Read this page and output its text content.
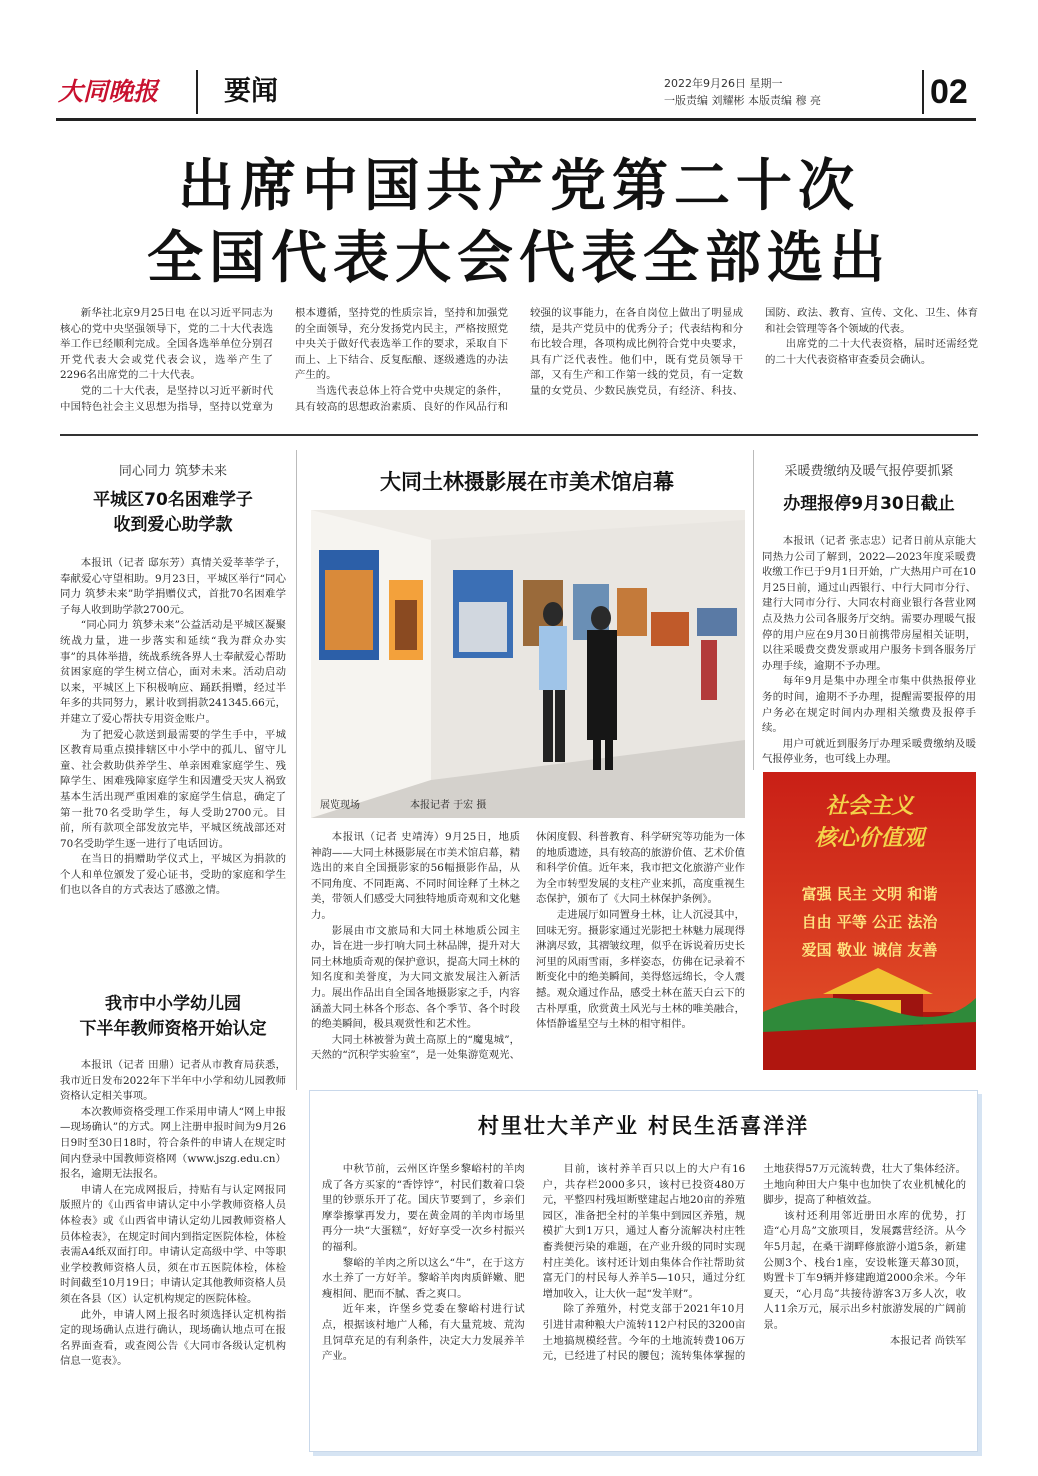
大同晚报	要闻	2022年9月26日 星期一
一版责编 刘耀彬 本版责编 穆 亮	02
出席中国共产党第二十次
全国代表大会代表全部选出

新华社北京9月25日电 在以习近平同志为核心的党中央坚强领导下，党的二十大代表选举工作已经顺利完成。全国各选举单位分别召开党代表大会或党代表会议，选举产生了2296名出席党的二十大代表。

党的二十大代表，是坚持以习近平新时代中国特色社会主义思想为指导，坚持以党章为根本遵循，坚持党的性质宗旨，坚持和加强党的全面领导，充分发扬党内民主，严格按照党中央关于做好代表选举工作的要求，采取自下而上、上下结合、反复酝酿、逐级遴选的办法产生的。

当选代表总体上符合党中央规定的条件，具有较高的思想政治素质、良好的作风品行和较强的议事能力，在各自岗位上做出了明显成绩，是共产党员中的优秀分子；代表结构和分布比较合理，各项构成比例符合党中央要求，具有广泛代表性。他们中，既有党员领导干部，又有生产和工作第一线的党员，有一定数量的女党员、少数民族党员，有经济、科技、国防、政法、教育、宣传、文化、卫生、体育和社会管理等各个领域的代表。

出席党的二十大代表资格，届时还需经党的二十大代表资格审查委员会确认。

同心同力 筑梦未来
平城区70名困难学子
收到爱心助学款

本报讯（记者 邸东芳）真情关爱莘莘学子，奉献爱心守望相助。9月23日，平城区举行“同心同力 筑梦未来”助学捐赠仪式，首批70名困难学子每人收到助学款2700元。

“同心同力 筑梦未来”公益活动是平城区凝聚统战力量，进一步落实和延续“我为群众办实事”的具体举措，统战系统各界人士奉献爱心帮助贫困家庭的学生树立信心，面对未来。活动启动以来，平城区上下积极响应、踊跃捐赠，经过半年多的共同努力，累计收到捐款241345.66元，并建立了爱心帮扶专用资金账户。

为了把爱心款送到最需要的学生手中，平城区教育局重点摸排辖区中小学中的孤儿、留守儿童、社会救助供养学生、单亲困难家庭学生、残障学生、困难残障家庭学生和因遭受天灾人祸致基本生活出现严重困难的家庭学生信息，确定了第一批70名受助学生，每人受助2700元。目前，所有款项全部发放完毕，平城区统战部还对70名受助学生逐一进行了电话回访。

在当日的捐赠助学仪式上，平城区为捐款的个人和单位颁发了爱心证书，受助的家庭和学生们也以各自的方式表达了感激之情。

我市中小学幼儿园
下半年教师资格开始认定

本报讯（记者 田鼎）记者从市教育局获悉，我市近日发布2022年下半年中小学和幼儿园教师资格认定相关事项。

本次教师资格受理工作采用申请人“网上申报—现场确认”的方式。网上注册申报时间为9月26日9时至30日18时，符合条件的申请人在规定时间内登录中国教师资格网（www.jszg.edu.cn）报名，逾期无法报名。

申请人在完成网报后，持贴有与认定网报同版照片的《山西省申请认定中小学教师资格人员体检表》或《山西省申请认定幼儿园教师资格人员体检表》，在规定时间内到指定医院体检，体检表需A4纸双面打印。申请认定高级中学、中等职业学校教师资格人员，须在市五医院体检，体检时间截至10月19日；申请认定其他教师资格人员须在各县（区）认定机构规定的医院体检。

此外，申请人网上报名时须选择认定机构指定的现场确认点进行确认，现场确认地点可在报名界面查看，或查阅公告《大同市各级认定机构信息一览表》。

大同土林摄影展在市美术馆启幕
展览现场	本报记者 于宏 摄

本报讯（记者 史靖涛）9月25日，地质神韵——大同土林摄影展在市美术馆启幕，精选出的来自全国摄影家的56幅摄影作品，从不同角度、不同距离、不同时间诠释了土林之美，带领人们感受大同独特地质奇观和文化魅力。

影展由市文旅局和大同土林地质公园主办，旨在进一步打响大同土林品牌，提升对大同土林地质奇观的保护意识，提高大同土林的知名度和美誉度，为大同文旅发展注入新活力。展出作品出自全国各地摄影家之手，内容涵盖大同土林各个形态、各个季节、各个时段的绝美瞬间，极具观赏性和艺术性。

大同土林被誉为黄土高原上的“魔鬼城”，天然的“沉积学实验室”，是一处集游览观光、休闲度假、科普教育、科学研究等功能为一体的地质遗迹，具有较高的旅游价值、艺术价值和科学价值。近年来，我市把文化旅游产业作为全市转型发展的支柱产业来抓，高度重视生态保护，颁布了《大同土林保护条例》。

走进展厅如同置身土林，让人沉浸其中，回味无穷。摄影家通过光影把土林魅力展现得淋漓尽致，其褶皱纹理，似乎在诉说着历史长河里的风雨雪雨，多样姿态，仿佛在记录着不断变化中的绝美瞬间，美得悠远绵长，令人震撼。观众通过作品，感受土林在蓝天白云下的古朴厚重，欣赏黄土风光与土林的唯美融合，体悟静谧星空与土林的相守相伴。

采暖费缴纳及暖气报停要抓紧
办理报停9月30日截止

本报讯（记者 张志忠）记者日前从京能大同热力公司了解到，2022—2023年度采暖费收缴工作已于9月1日开始，广大热用户可在10月25日前，通过山西银行、中行大同市分行、建行大同市分行、大同农村商业银行各营业网点及热力公司各服务厅交纳。需要办理暖气报停的用户应在9月30日前携带房屋相关证明，以往采暖费交费发票或用户服务卡到各服务厅办理手续，逾期不予办理。

每年9月是集中办理全市集中供热报停业务的时间，逾期不予办理，提醒需要报停的用户务必在规定时间内办理相关缴费及报停手续。

用户可就近到服务厅办理采暖费缴纳及暖气报停业务，也可线上办理。

社会主义
核心价值观
富强 民主 文明 和谐
自由 平等 公正 法治
爱国 敬业 诚信 友善
村里壮大羊产业 村民生活喜洋洋

中秋节前，云州区许堡乡黎峪村的羊肉成了各方买家的“香饽饽”，村民们数着口袋里的钞票乐开了花。国庆节要到了，乡亲们摩拳擦掌再发力，要在黄金周的羊肉市场里再分一块“大蛋糕”，好好享受一次乡村振兴的福利。

黎峪的羊肉之所以这么“牛”，在于这方水土养了一方好羊。黎峪羊肉肉质鲜嫩、肥瘦相间、肥而不腻、香之爽口。

近年来，许堡乡党委在黎峪村进行试点，根据该村地广人稀，有大量荒坡、荒沟且饲草充足的有利条件，决定大力发展养羊产业。

目前，该村养羊百只以上的大户有16户，共存栏2000多只，该村已投资480万元，平整四村残垣断壁建起占地20亩的养殖园区，准备把全村的羊集中到园区养殖，规模扩大到1万只，通过人畜分流解决村庄牲畜粪便污染的难题，在产业升级的同时实现村庄美化。该村还计划由集体合作社帮助贫富无门的村民每人养羊5—10只，通过分红增加收入，让大伙一起“发羊财”。

除了养殖外，村党支部于2021年10月引进甘肃种粮大户流转112户村民的3200亩土地搞规模经营。今年的土地流转费106万元，已经进了村民的腰包；流转集体掌握的土地获得57万元流转费，壮大了集体经济。土地向种田大户集中也加快了农业机械化的脚步，提高了种植效益。

该村还利用邻近册田水库的优势，打造“心月岛”文旅项目，发展露营经济。从今年5月起，在桑干湖畔修旅游小道5条，新建公厕3个、栈台1座，安设帐篷天幕30顶，购置卡丁车9辆并修建跑道2000余米。今年夏天，“心月岛”共接待游客3万多人次，收人11余万元，展示出乡村旅游发展的广阔前景。

本报记者 尚铁军
